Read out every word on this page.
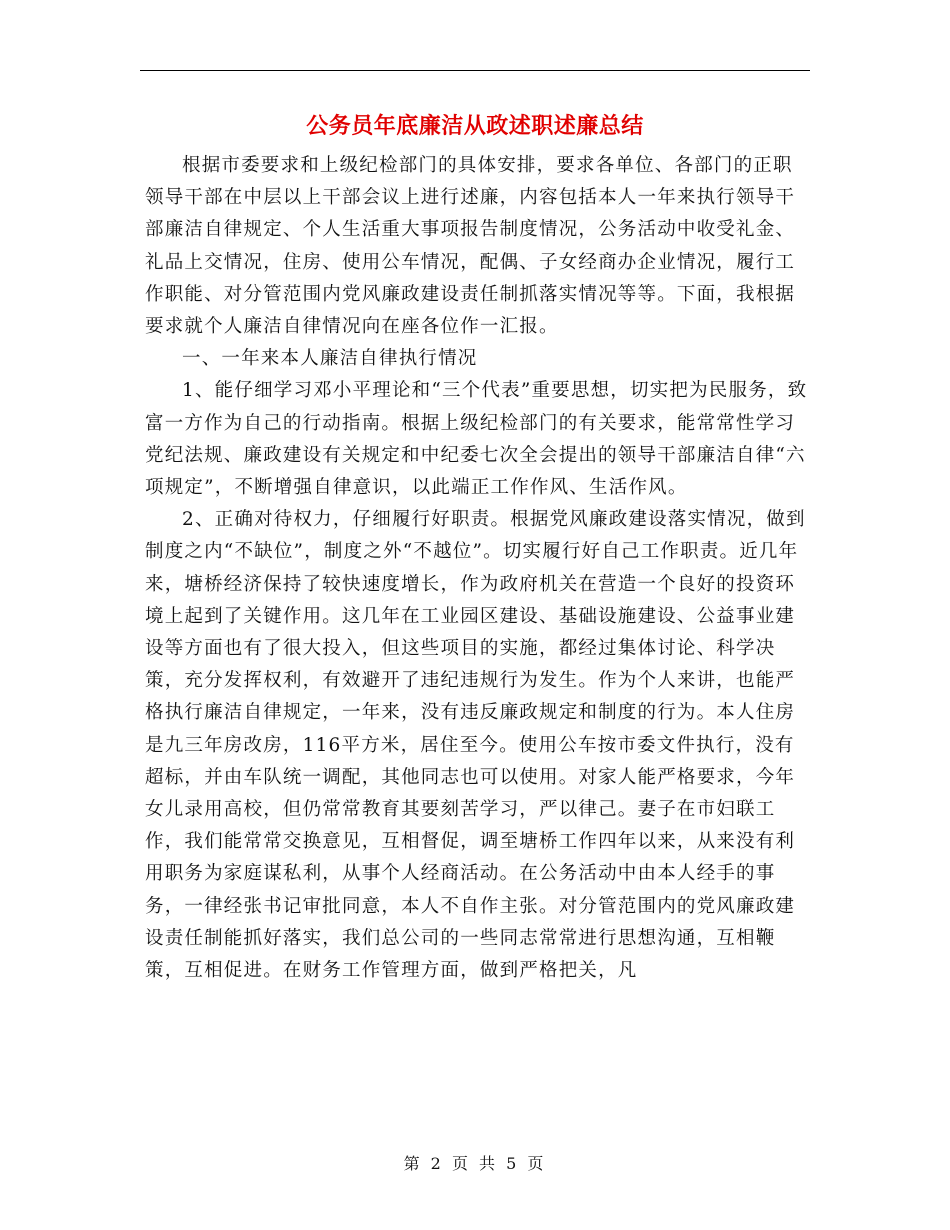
公务员年底廉洁从政述职述廉总结

根据市委要求和上级纪检部门的具体安排，要求各单位、各部门的正职领导干部在中层以上干部会议上进行述廉，内容包括本人一年来执行领导干部廉洁自律规定、个人生活重大事项报告制度情况，公务活动中收受礼金、礼品上交情况，住房、使用公车情况，配偶、子女经商办企业情况，履行工作职能、对分管范围内党风廉政建设责任制抓落实情况等等。下面，我根据要求就个人廉洁自律情况向在座各位作一汇报。

一、一年来本人廉洁自律执行情况

1、能仔细学习邓小平理论和“三个代表”重要思想，切实把为民服务，致富一方作为自己的行动指南。根据上级纪检部门的有关要求，能常常性学习党纪法规、廉政建设有关规定和中纪委七次全会提出的领导干部廉洁自律“六项规定”，不断增强自律意识，以此端正工作作风、生活作风。

2、正确对待权力，仔细履行好职责。根据党风廉政建设落实情况，做到制度之内“不缺位”，制度之外“不越位”。切实履行好自己工作职责。近几年来，塘桥经济保持了较快速度增长，作为政府机关在营造一个良好的投资环境上起到了关键作用。这几年在工业园区建设、基础设施建设、公益事业建设等方面也有了很大投入，但这些项目的实施，都经过集体讨论、科学决策，充分发挥权利，有效避开了违纪违规行为发生。作为个人来讲，也能严格执行廉洁自律规定，一年来，没有违反廉政规定和制度的行为。本人住房是九三年房改房，116平方米，居住至今。使用公车按市委文件执行，没有超标，并由车队统一调配，其他同志也可以使用。对家人能严格要求，今年女儿录用高校，但仍常常教育其要刻苦学习，严以律己。妻子在市妇联工作，我们能常常交换意见，互相督促，调至塘桥工作四年以来，从来没有利用职务为家庭谋私利，从事个人经商活动。在公务活动中由本人经手的事务，一律经张书记审批同意，本人不自作主张。对分管范围内的党风廉政建设责任制能抓好落实，我们总公司的一些同志常常进行思想沟通，互相鞭策，互相促进。在财务工作管理方面，做到严格把关，凡

第 2 页 共 5 页
